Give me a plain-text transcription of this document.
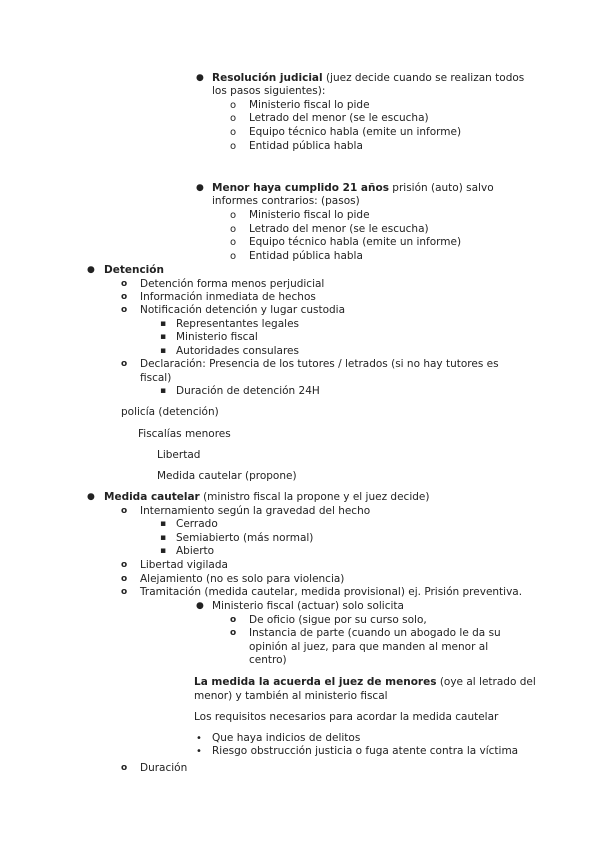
● Resolución judicial (juez decide cuando se realizan todos
los pasos siguientes):
o Ministerio fiscal lo pide
o Letrado del menor (se le escucha)
o Equipo técnico habla (emite un informe)
o Entidad pública habla
● Menor haya cumplido 21 años prisión (auto) salvo
informes contrarios: (pasos)
o Ministerio fiscal lo pide
o Letrado del menor (se le escucha)
o Equipo técnico habla (emite un informe)
o Entidad pública habla
● Detención
o Detención forma menos perjudicial
o Información inmediata de hechos
o Notificación detención y lugar custodia
▪ Representantes legales
▪ Ministerio fiscal
▪ Autoridades consulares
o Declaración: Presencia de los tutores / letrados (si no hay tutores es
fiscal)
▪ Duración de detención 24H
policía (detención)
Fiscalías menores
Libertad
Medida cautelar (propone)
● Medida cautelar (ministro fiscal la propone y el juez decide)
o Internamiento según la gravedad del hecho
▪ Cerrado
▪ Semiabierto (más normal)
▪ Abierto
o Libertad vigilada
o Alejamiento (no es solo para violencia)
o Tramitación (medida cautelar, medida provisional) ej. Prisión preventiva.
● Ministerio fiscal (actuar) solo solicita
o De oficio (sigue por su curso solo,
o Instancia de parte (cuando un abogado le da su
opinión al juez, para que manden al menor al
centro)
La medida la acuerda el juez de menores (oye al letrado del
menor) y también al ministerio fiscal
Los requisitos necesarios para acordar la medida cautelar
• Que haya indicios de delitos
• Riesgo obstrucción justicia o fuga atente contra la víctima
o Duración
